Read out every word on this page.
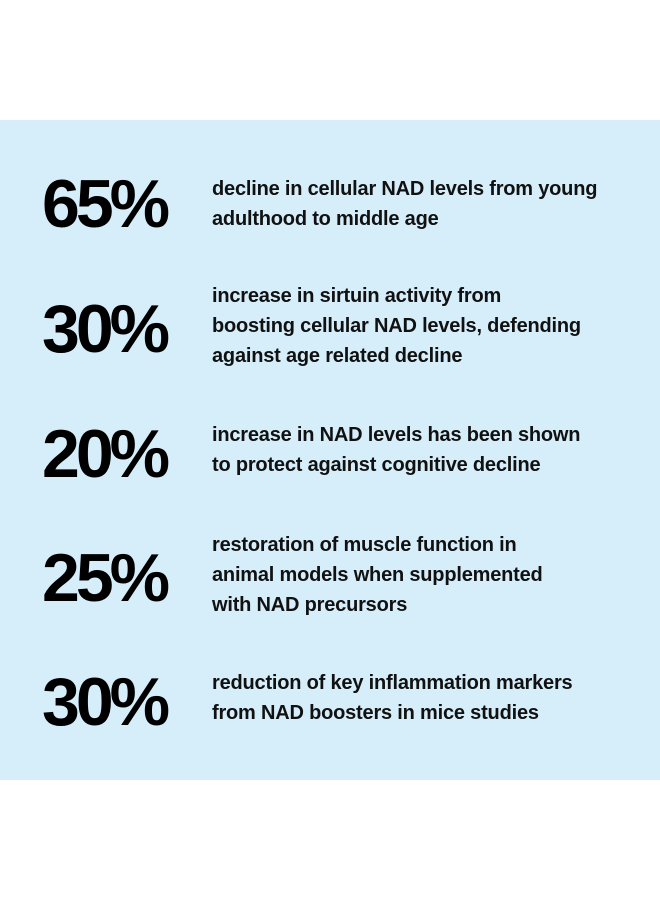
65%	decline in cellular NAD levels from young
adulthood to middle age
30%	increase in sirtuin activity from
boosting cellular NAD levels, defending
against age related decline
20%	increase in NAD levels has been shown
to protect against cognitive decline
25%	restoration of muscle function in
animal models when supplemented
with NAD precursors
30%	reduction of key inflammation markers
from NAD boosters in mice studies
